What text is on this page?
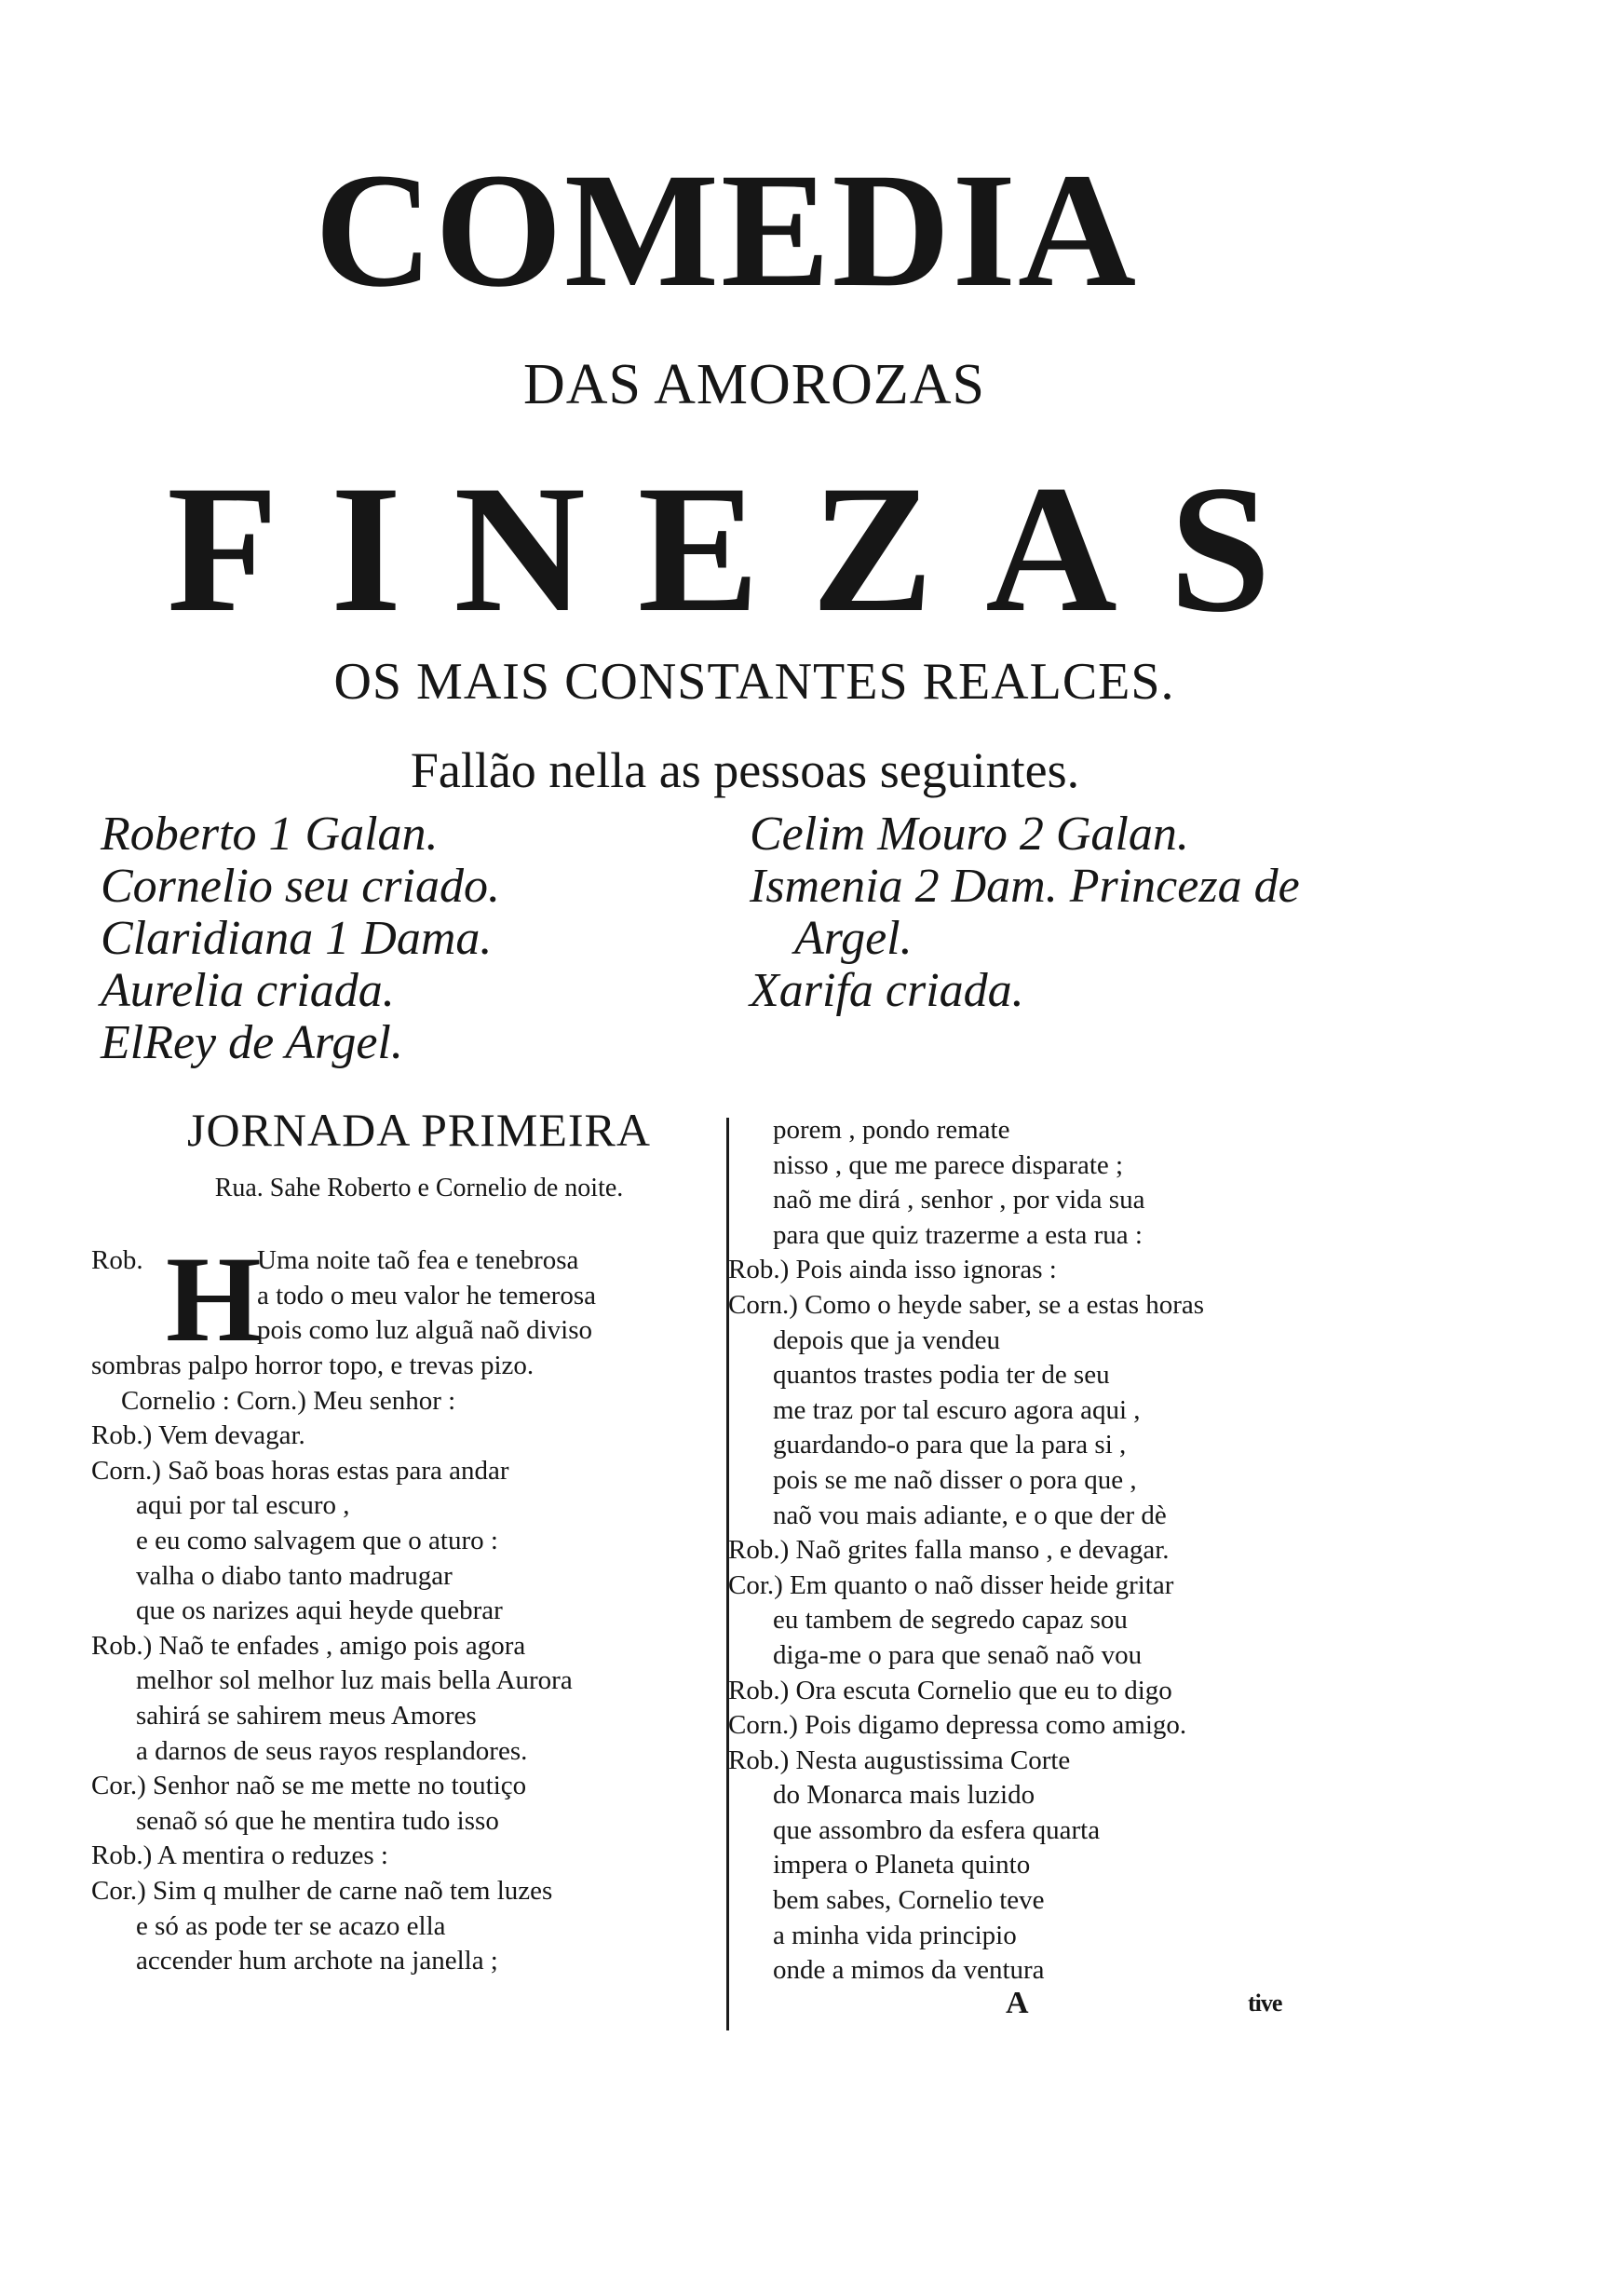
COMEDIA
DAS AMOROZAS
FINEZAS
OS MAIS CONSTANTES REALCES.
Fallão nella as pessoas seguintes.
Roberto 1 Galan.
Cornelio seu criado.
Claridiana 1 Dama.
Aurelia criada.
ElRey de Argel.
Celim Mouro 2 Galan.
Ismenia 2 Dam. Princeza de
Argel.
Xarifa criada.
JORNADA PRIMEIRA
Rua. Sahe Roberto e Cornelio de noite.
Rob. H
Uma noite taõ fea e tenebrosa
a todo o meu valor he temerosa
pois como luz alguã naõ diviso
sombras palpo horror topo, e trevas pizo.
Cornelio : Corn.) Meu senhor :
Rob.) Vem devagar.
Corn.) Saõ boas horas estas para andar
aqui por tal escuro ,
e eu como salvagem que o aturo :
valha o diabo tanto madrugar
que os narizes aqui heyde quebrar
Rob.) Naõ te enfades , amigo pois agora
melhor sol melhor luz mais bella Aurora
sahirá se sahirem meus Amores
a darnos de seus rayos resplandores.
Cor.) Senhor naõ se me mette no toutiço
senaõ só que he mentira tudo isso
Rob.) A mentira o reduzes :
Cor.) Sim q mulher de carne naõ tem luzes
e só as pode ter se acazo ella
accender hum archote na janella ;
porem , pondo remate
nisso , que me parece disparate ;
naõ me dirá , senhor , por vida sua
para que quiz trazerme a esta rua :
Rob.) Pois ainda isso ignoras :
Corn.) Como o heyde saber, se a estas horas
depois que ja vendeu
quantos trastes podia ter de seu
me traz por tal escuro agora aqui ,
guardando-o para que la para si ,
pois se me naõ disser o pora que ,
naõ vou mais adiante, e o que der dè
Rob.) Naõ grites falla manso , e devagar.
Cor.) Em quanto o naõ disser heide gritar
eu tambem de segredo capaz sou
diga-me o para que senaõ naõ vou
Rob.) Ora escuta Cornelio que eu to digo
Corn.) Pois digamo depressa como amigo.
Rob.) Nesta augustissima Corte
do Monarca mais luzido
que assombro da esfera quarta
impera o Planeta quinto
bem sabes, Cornelio teve
a minha vida principio
onde a mimos da ventura
A	tive
